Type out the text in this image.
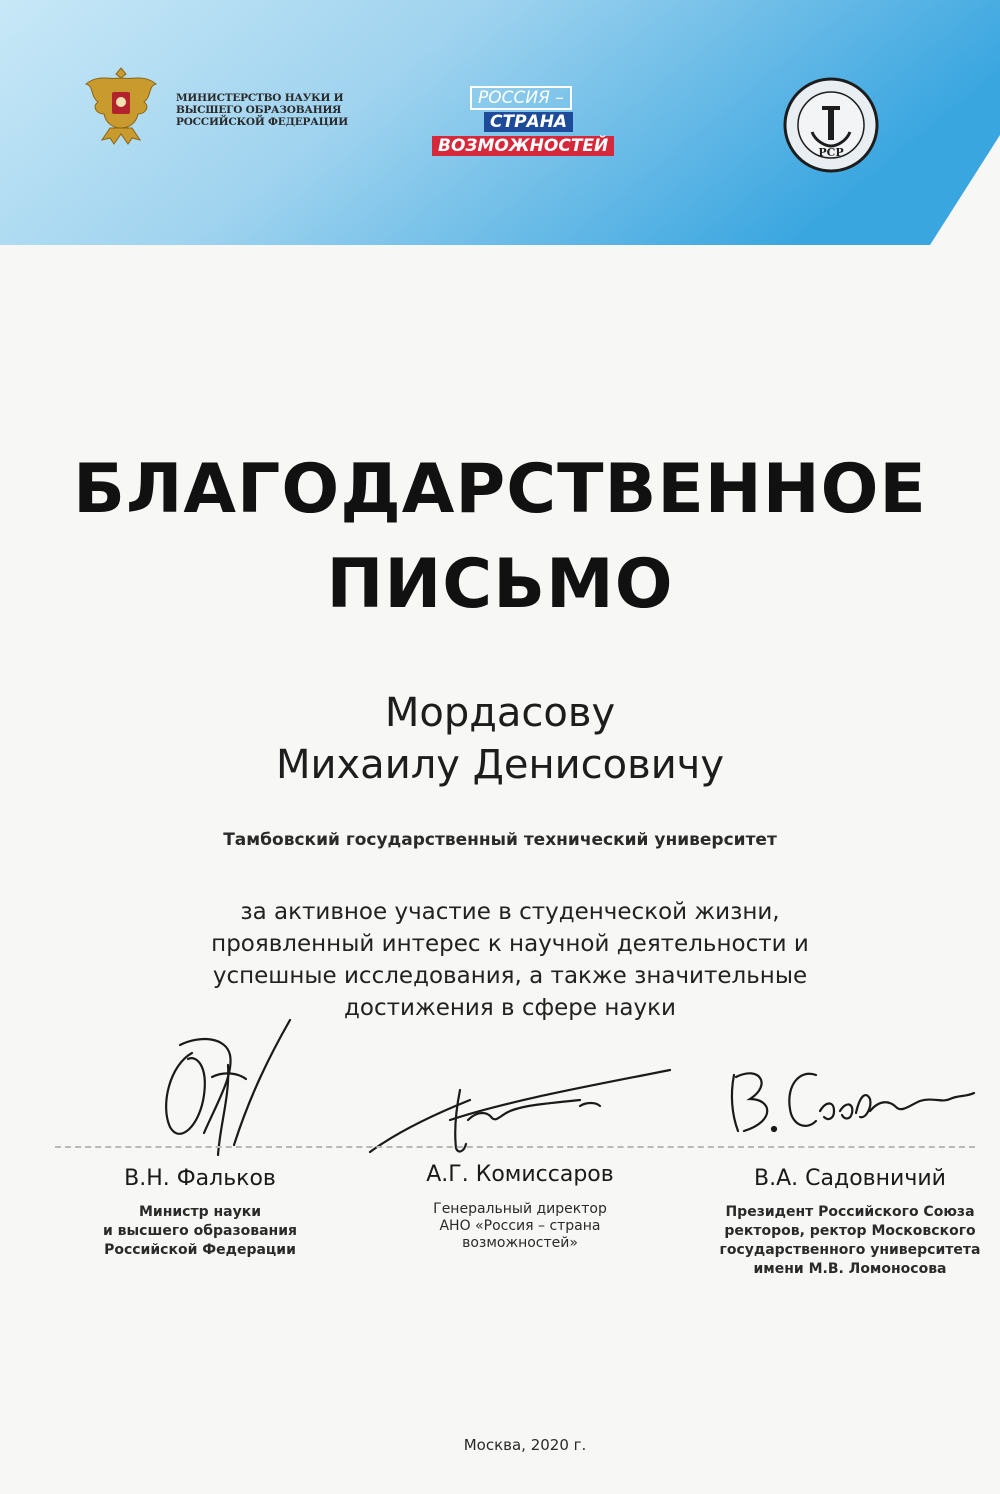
МИНИСТЕРСТВО НАУКИ И ВЫСШЕГО ОБРАЗОВАНИЯ РОССИЙСКОЙ ФЕДЕРАЦИИ
РОССИЯ –
СТРАНА
ВОЗМОЖНОСТЕЙ	РСР
БЛАГОДАРСТВЕННОЕ
ПИСЬМО
Мордасову
Михаилу Денисовичу
Тамбовский государственный технический университет
за активное участие в студенческой жизни,
проявленный интерес к научной деятельности и
успешные исследования, а также значительные
достижения в сфере науки
В.Н. Фальков
Министр науки
и высшего образования
Российской Федерации
А.Г. Комиссаров
Генеральный директор
АНО «Россия – страна
возможностей»
В.А. Садовничий
Президент Российского Союза
ректоров, ректор Московского
государственного университета
имени М.В. Ломоносова
Москва, 2020 г.
